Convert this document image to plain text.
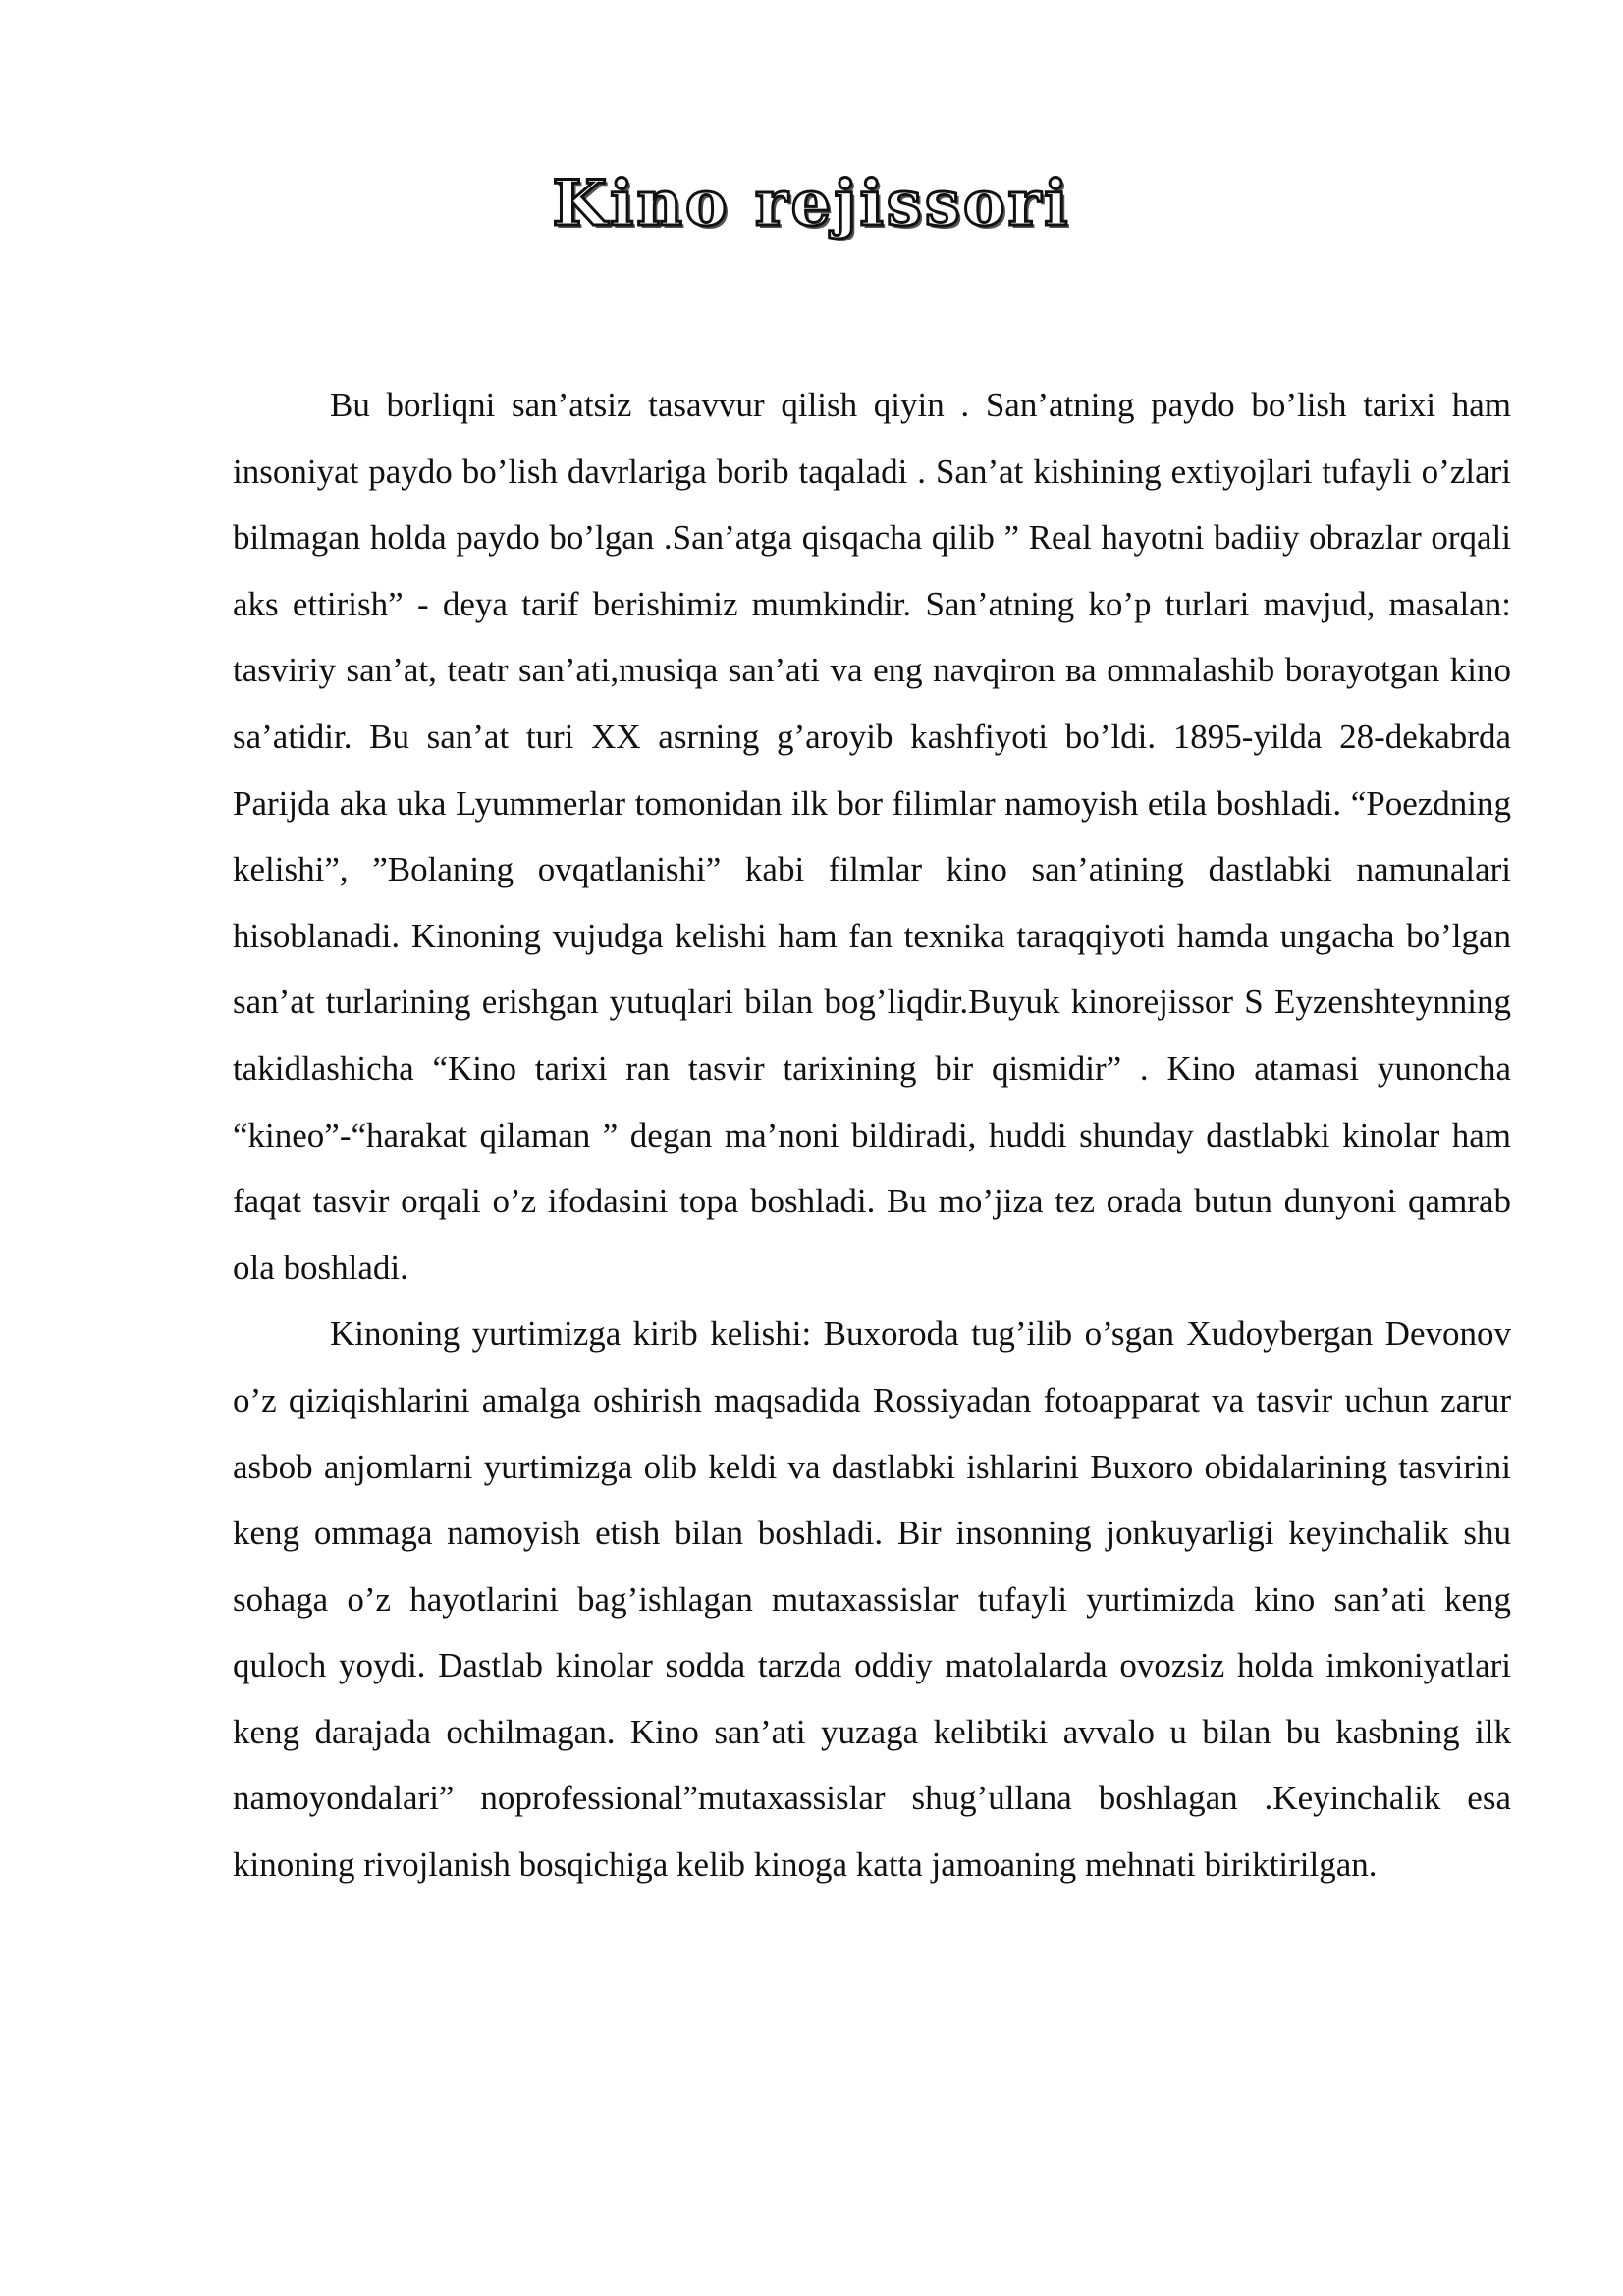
Kino rejissori

Bu borliqni san’atsiz tasavvur qilish qiyin . San’atning paydo bo’lish tarixi ham insoniyat paydo bo’lish davrlariga borib taqaladi . San’at kishining extiyojlari tufayli o’zlari bilmagan holda paydo bo’lgan .San’atga qisqacha qilib ” Real hayotni badiiy obrazlar orqali aks ettirish” - deya tarif berishimiz mumkindir. San’atning ko’p turlari mavjud, masalan: tasviriy san’at, teatr san’ati,musiqa san’ati va eng navqiron ва ommalashib borayotgan kino sa’atidir. Bu san’at turi XX asrning g’aroyib kashfiyoti bo’ldi. 1895-yilda 28-dekabrda Parijda aka uka Lyummerlar tomonidan ilk bor filimlar namoyish etila boshladi. “Poezdning kelishi”, ”Bolaning ovqatlanishi” kabi filmlar kino san’atining dastlabki namunalari hisoblanadi. Kinoning vujudga kelishi ham fan texnika taraqqiyoti hamda ungacha bo’lgan san’at turlarining erishgan yutuqlari bilan bog’liqdir.Buyuk kinorejissor S Eyzenshteynning takidlashicha “Kino tarixi ran tasvir tarixining bir qismidir” . Kino atamasi yunoncha “kineo”-“harakat qilaman ” degan ma’noni bildiradi, huddi shunday dastlabki kinolar ham faqat tasvir orqali o’z ifodasini topa boshladi. Bu mo’jiza tez orada butun dunyoni qamrab ola boshladi.

Kinoning yurtimizga kirib kelishi: Buxoroda tug’ilib o’sgan Xudoybergan Devonov o’z qiziqishlarini amalga oshirish maqsadida Rossiyadan fotoapparat va tasvir uchun zarur asbob anjomlarni yurtimizga olib keldi va dastlabki ishlarini Buxoro obidalarining tasvirini keng ommaga namoyish etish bilan boshladi. Bir insonning jonkuyarligi keyinchalik shu sohaga o’z hayotlarini bag’ishlagan mutaxassislar tufayli yurtimizda kino san’ati keng quloch yoydi. Dastlab kinolar sodda tarzda oddiy matolalarda ovozsiz holda imkoniyatlari keng darajada ochilmagan. Kino san’ati yuzaga kelibtiki avvalo u bilan bu kasbning ilk namoyondalari” noprofessional”mutaxassislar shug’ullana boshlagan .Keyinchalik esa kinoning rivojlanish bosqichiga kelib kinoga katta jamoaning mehnati biriktirilgan.
